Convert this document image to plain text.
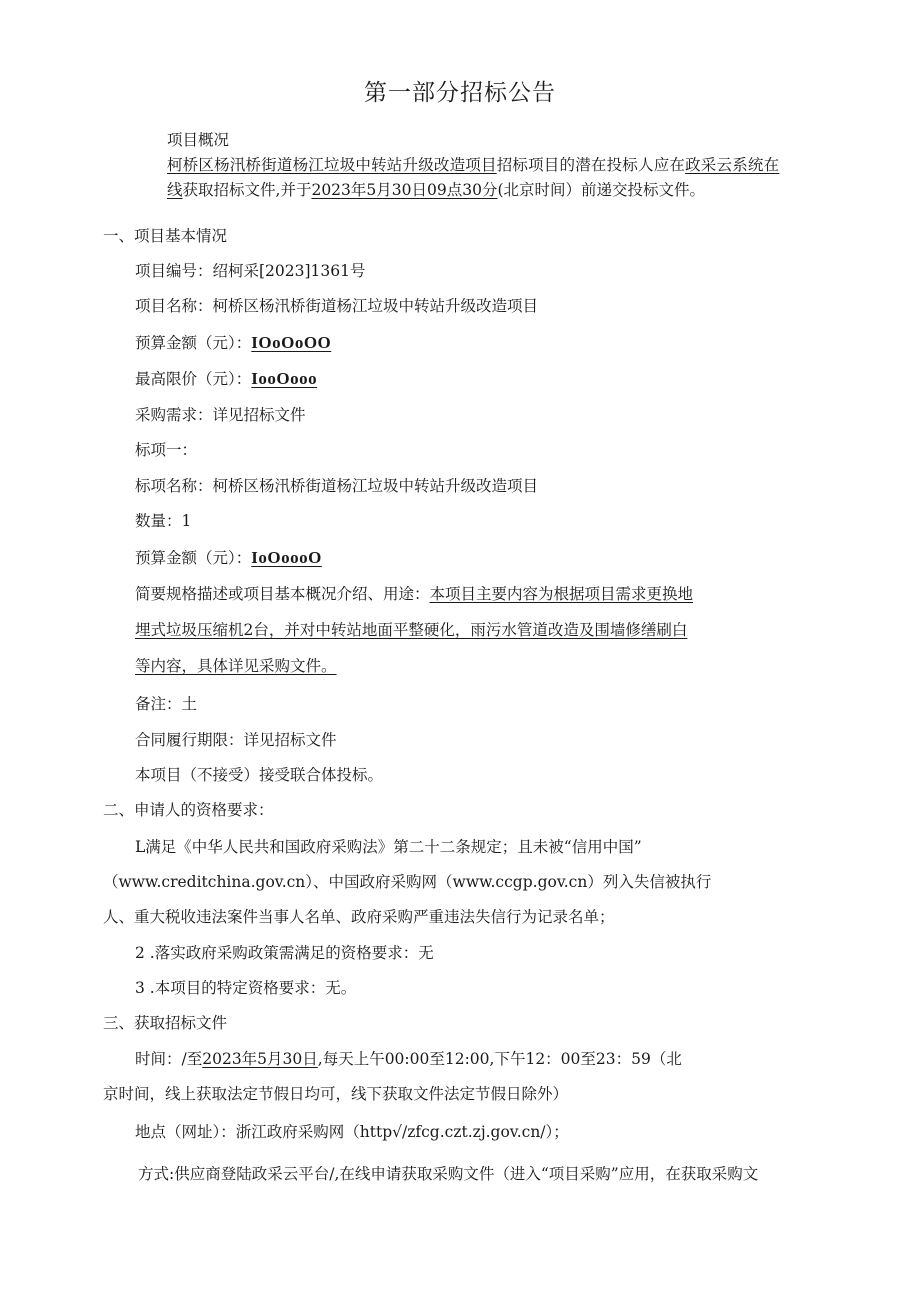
第一部分招标公告
项目概况
柯桥区杨汛桥街道杨江垃圾中转站升级改造项目招标项目的潜在投标人应在政采云系统在
线获取招标文件,并于2023年5月30日09点30分(北京时间）前递交投标文件。
一、项目基本情况
项目编号：绍柯采[2023]1361号
项目名称：柯桥区杨汛桥街道杨江垃圾中转站升级改造项目
预算金额（元）：IOoOoOO
最高限价（元）：IooOooo
采购需求：详见招标文件
标项一：
标项名称：柯桥区杨汛桥街道杨江垃圾中转站升级改造项目
数量：1
预算金额（元）：IoOoooO
简要规格描述或项目基本概况介绍、用途：本项目主要内容为根据项目需求更换地
埋式垃圾压缩机2台，并对中转站地面平整硬化，雨污水管道改造及围墙修缮刷白
等内容，具体详见采购文件。
备注：土
合同履行期限：详见招标文件
本项目（不接受）接受联合体投标。
二、申请人的资格要求：
L满足《中华人民共和国政府采购法》第二十二条规定；且未被“信用中国”
（www.creditchina.gov.cn）、中国政府采购网（www.ccgp.gov.cn）列入失信被执行
人、重大税收违法案件当事人名单、政府采购严重违法失信行为记录名单；
2 .落实政府采购政策需满足的资格要求：无
3 .本项目的特定资格要求：无。
三、获取招标文件
时间：/至2023年5月30日,每天上午00:00至12:00,下午12：00至23：59（北
京时间，线上获取法定节假日均可，线下获取文件法定节假日除外）
地点（网址）：浙江政府采购网（http√/zfcg.czt.zj.gov.cn/）；
方式:供应商登陆政采云平台/,在线申请获取采购文件（进入“项目采购”应用，在获取采购文
